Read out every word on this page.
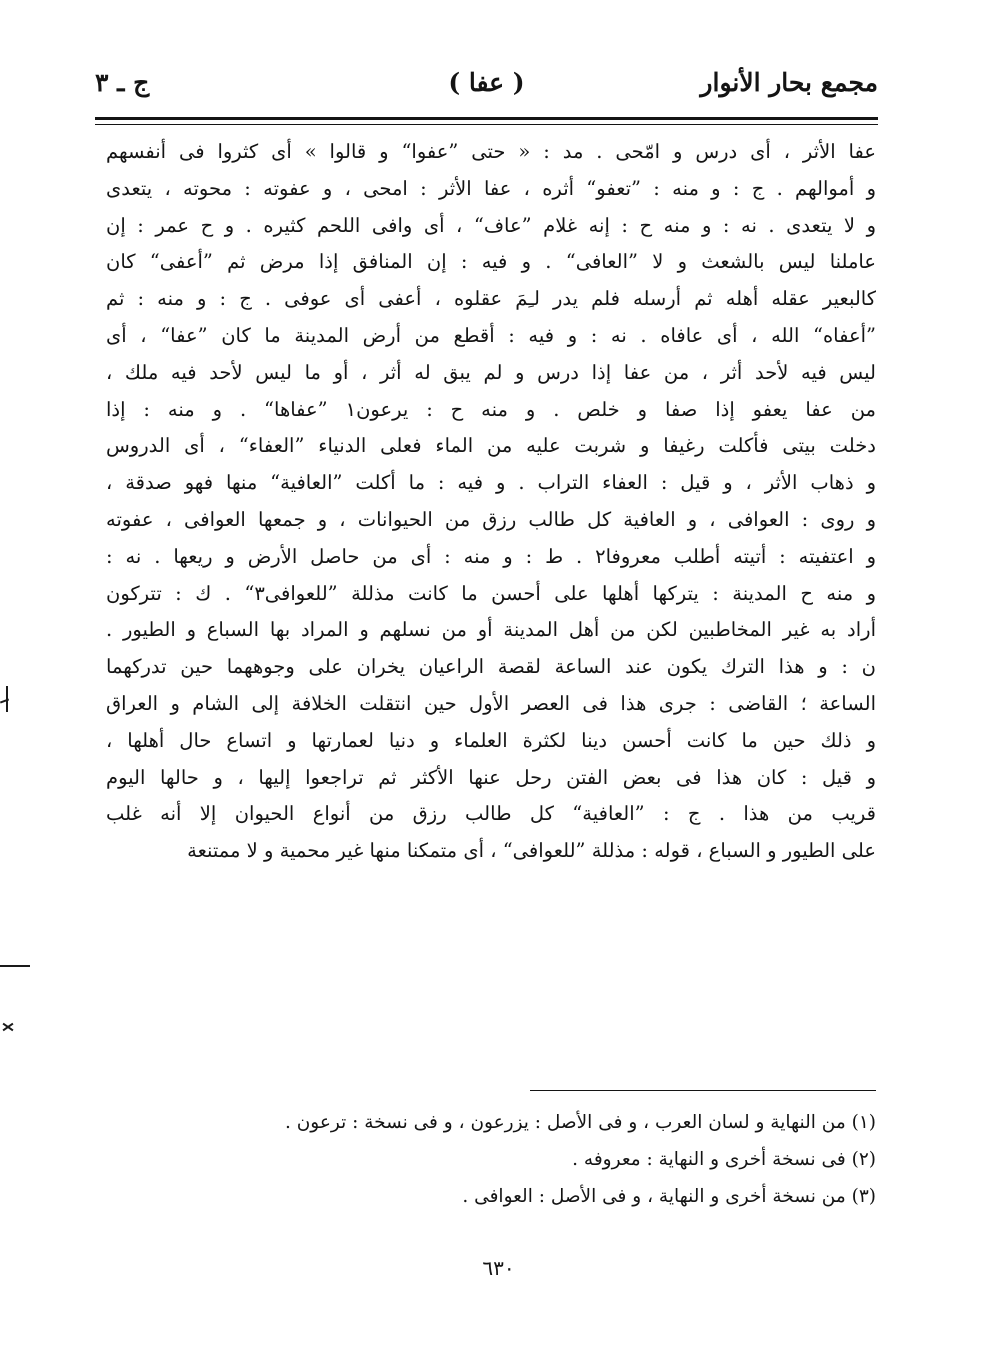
مجمع بحار الأنوار
( عفا )
ج ـ ٣
عفا الأثر ، أى درس و امّحى . مد : « حتى ”عفوا“ و قالوا » أى كثروا فى أنفسهم
و أموالهم . ج : و منه : ”تعفو“ أثره ، عفا الأثر : امحى ، و عفوته : محوته ، يتعدى
و لا يتعدى . نه : و منه ح : إنه غلام ”عاف“ ، أى وافى اللحم كثيره . و ح عمر : إن
عاملنا ليس بالشعث و لا ”العافى“ . و فيه : إن المنافق إذا مرض ثم ”أعفى“ كان
كالبعير عقله أهله ثم أرسله فلم يدر لـِمَ عقلوه ، أعفى أى عوفى . ج : و منه : ثم
”أعفاه“ الله ، أى عافاه . نه : و فيه : أقطع من أرض المدينة ما كان ”عفا“ ، أى
ليس فيه لأحد أثر ، من عفا إذا درس و لم يبق له أثر ، أو ما ليس لأحد فيه ملك ،
من عفا يعفو إذا صفا و خلص . و منه ح : يرعون١ ”عفاها“ . و منه : إذا
دخلت بيتى فأكلت رغيفا و شربت عليه من الماء فعلى الدنياء ”العفاء“ ، أى الدروس
و ذهاب الأثر ، و قيل : العفاء التراب . و فيه : ما أكلت ”العافية“ منها فهو صدقة ،
و روى : العوافى ، و العافية كل طالب رزق من الحيوانات ، و جمعها العوافى ، عفوته
و اعتفيته : أتيته أطلب معروفا٢ . ط : و منه : أى من حاصل الأرض و ريعها . نه :
و منه ح المدينة : يتركها أهلها على أحسن ما كانت مذللة ”للعوافى٣“ . ك : تتركون
أراد به غير المخاطبين لكن من أهل المدينة أو من نسلهم و المراد بها السباع و الطيور .
ن : و هذا الترك يكون عند الساعة لقصة الراعيان يخران على وجوههما حين تدركهما
الساعة ؛ القاضى : جرى هذا فى العصر الأول حين انتقلت الخلافة إلى الشام و العراق
و ذلك حين ما كانت أحسن دينا لكثرة العلماء و دنيا لعمارتها و اتساع حال أهلها ،
و قيل : كان هذا فى بعض الفتن رحل عنها الأكثر ثم تراجعوا إليها ، و حالها اليوم
قريب من هذا . ج : ”العافية“ كل طالب رزق من أنواع الحيوان إلا أنه غلب
على الطيور و السباع ، قوله : مذللة ”للعوافى“ ، أى متمكنا منها غير محمية و لا ممتنعة
(١) من النهاية و لسان العرب ، و فى الأصل : يزرعون ، و فى نسخة : ترعون .
(٢) فى نسخة أخرى و النهاية : معروفه .
(٣) من نسخة أخرى و النهاية ، و فى الأصل : العوافى .
٦٣٠
